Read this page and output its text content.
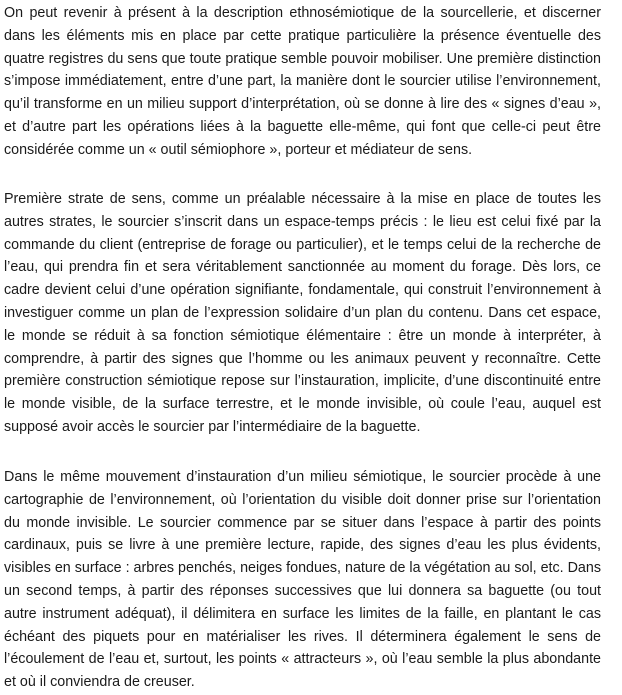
On peut revenir à présent à la description ethnosémiotique de la sourcellerie, et discerner dans les éléments mis en place par cette pratique particulière la présence éventuelle des quatre registres du sens que toute pratique semble pouvoir mobiliser. Une première distinction s’impose immédiatement, entre d’une part, la manière dont le sourcier utilise l’environnement, qu’il transforme en un milieu support d’interprétation, où se donne à lire des « signes d’eau », et d’autre part les opérations liées à la baguette elle-même, qui font que celle-ci peut être considérée comme un « outil sémiophore », porteur et médiateur de sens.

Première strate de sens, comme un préalable nécessaire à la mise en place de toutes les autres strates, le sourcier s’inscrit dans un espace-temps précis : le lieu est celui fixé par la commande du client (entreprise de forage ou particulier), et le temps celui de la recherche de l’eau, qui prendra fin et sera véritablement sanctionnée au moment du forage. Dès lors, ce cadre devient celui d’une opération signifiante, fondamentale, qui construit l’environnement à investiguer comme un plan de l’expression solidaire d’un plan du contenu. Dans cet espace, le monde se réduit à sa fonction sémiotique élémentaire : être un monde à interpréter, à comprendre, à partir des signes que l’homme ou les animaux peuvent y reconnaître. Cette première construction sémiotique repose sur l’instauration, implicite, d’une discontinuité entre le monde visible, de la surface terrestre, et le monde invisible, où coule l’eau, auquel est supposé avoir accès le sourcier par l’intermédiaire de la baguette.

Dans le même mouvement d’instauration d’un milieu sémiotique, le sourcier procède à une cartographie de l’environnement, où l’orientation du visible doit donner prise sur l’orientation du monde invisible. Le sourcier commence par se situer dans l’espace à partir des points cardinaux, puis se livre à une première lecture, rapide, des signes d’eau les plus évidents, visibles en surface : arbres penchés, neiges fondues, nature de la végétation au sol, etc. Dans un second temps, à partir des réponses successives que lui donnera sa baguette (ou tout autre instrument adéquat), il délimitera en surface les limites de la faille, en plantant le cas échéant des piquets pour en matérialiser les rives. Il déterminera également le sens de l’écoulement de l’eau et, surtout, les points « attracteurs », où l’eau semble la plus abondante et où il conviendra de creuser.
